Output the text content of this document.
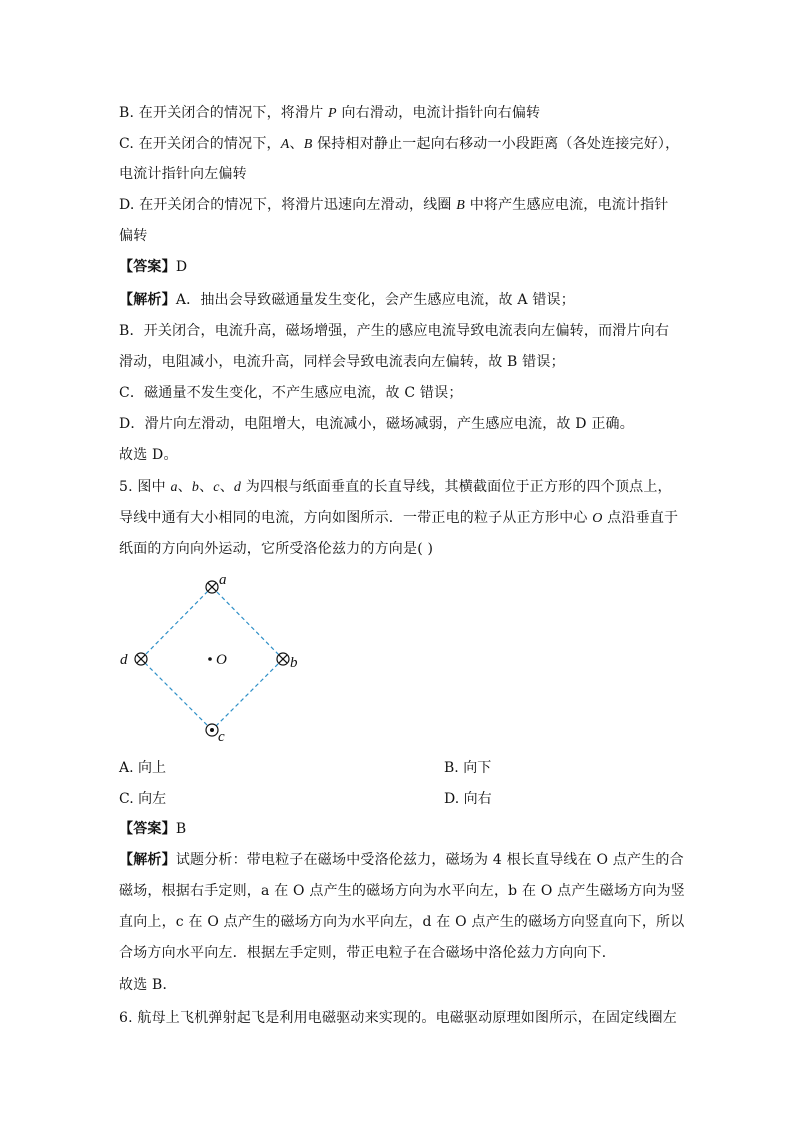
B. 在开关闭合的情况下，将滑片 P 向右滑动，电流计指针向右偏转
C. 在开关闭合的情况下，A、B 保持相对静止一起向右移动一小段距离（各处连接完好），
电流计指针向左偏转
D. 在开关闭合的情况下，将滑片迅速向左滑动，线圈 B 中将产生感应电流，电流计指针
偏转
【答案】D
【解析】A．抽出会导致磁通量发生变化，会产生感应电流，故 A 错误；
B．开关闭合，电流升高，磁场增强，产生的感应电流导致电流表向左偏转，而滑片向右
滑动，电阻减小，电流升高，同样会导致电流表向左偏转，故 B 错误；
C．磁通量不发生变化，不产生感应电流，故 C 错误；
D．滑片向左滑动，电阻增大，电流减小，磁场减弱，产生感应电流，故 D 正确。
故选 D。
5. 图中 a、b、c、d 为四根与纸面垂直的长直导线，其横截面位于正方形的四个顶点上，
导线中通有大小相同的电流，方向如图所示．一带正电的粒子从正方形中心 O 点沿垂直于
纸面的方向向外运动，它所受洛伦兹力的方向是( )
a
b
c
d	O
A. 向上	B. 向下
C. 向左	D. 向右
【答案】B
【解析】试题分析：带电粒子在磁场中受洛伦兹力，磁场为 4 根长直导线在 O 点产生的合
磁场，根据右手定则，a 在 O 点产生的磁场方向为水平向左，b 在 O 点产生磁场方向为竖
直向上，c 在 O 点产生的磁场方向为水平向左，d 在 O 点产生的磁场方向竖直向下，所以
合场方向水平向左．根据左手定则，带正电粒子在合磁场中洛伦兹力方向向下．
故选 B．
6. 航母上飞机弹射起飞是利用电磁驱动来实现的。电磁驱动原理如图所示，在固定线圈左
